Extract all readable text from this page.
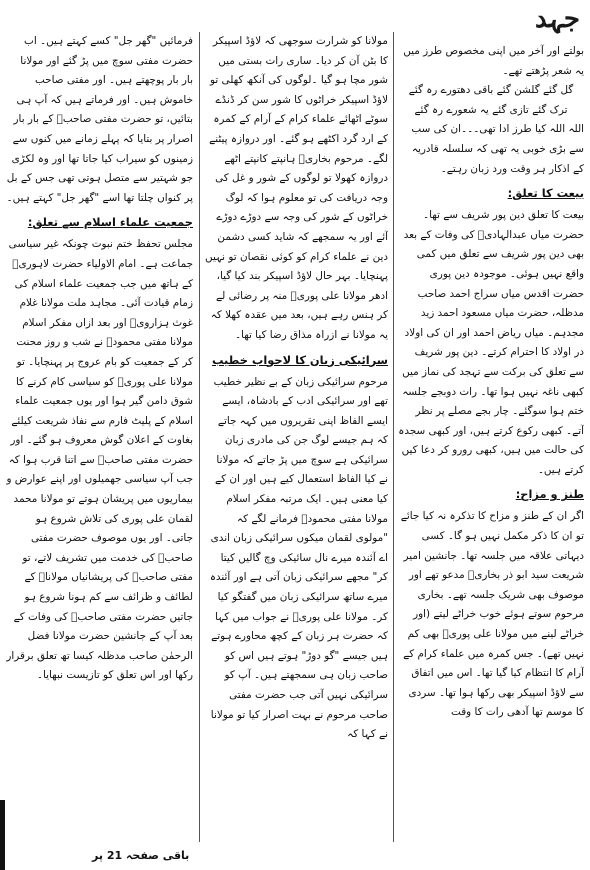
جہد

بولتے اور آخر میں اپنی مخصوص طرز میں یہ شعر پڑھتے تھے۔

گل گئے گلشن گئے باقی دھتورے رہ گئے

ترک گئے تازی گئے یہ شعورے رہ گئے

اللہ اللہ کیا طرز ادا تھی۔۔۔ان کی سب سے بڑی خوبی یہ تھی کہ سلسلہ قادریہ کے اذکار ہر وقت ورد زبان رہتے۔

بیعت کا تعلق:

بیعت کا تعلق دین پور شریف سے تھا۔ حضرت میاں عبدالہادیؒ کی وفات کے بعد بھی دین پور شریف سے تعلق میں کمی واقع نہیں ہوئی۔ موجودہ دین پوری حضرت اقدس میاں سراج احمد صاحب مدظلہ، حضرت میاں مسعود احمد زید مجدہم۔ میاں ریاض احمد اور ان کی اولاد در اولاد کا احترام کرتے۔ دین پور شریف سے تعلق کی برکت سے تہجد کی نماز میں کبھی ناغہ نہیں ہوا تھا۔ رات دوبجے جلسہ ختم ہوا سوگئے۔ چار بجے مصلے پر نظر آتے۔ کبھی رکوع کرتے ہیں، اور کبھی سجدہ کی حالت میں ہیں، کبھی رورو کر دعا کیں کرتے ہیں۔

طنز و مزاح:

اگر ان کے طنز و مزاح کا تذکرہ نہ کیا جائے تو ان کا ذکر مکمل نہیں ہو گا۔ کسی دیہاتی علاقہ میں جلسہ تھا۔ جانشین امیر شریعت سید ابو ذر بخاریؒ مدعو تھے اور موصوف بھی شریک جلسہ تھے۔ بخاری مرحوم سوتے ہوئے خوب خراٹے لیتے (اور خراٹے لینے میں مولانا علی پوریؒ بھی کم نہیں تھے)۔ جس کمرہ میں علماء کرام کے آرام کا انتظام کیا گیا تھا۔ اس میں اتفاق سے لاؤڈ اسپیکر بھی رکھا ہوا تھا۔ سردی کا موسم تھا آدھی رات کا وقت

مولانا کو شرارت سوجھی کہ لاؤڈ اسپیکر کا بٹن آن کر دیا۔ ساری رات بستی میں شور مچا ہو گیا ۔لوگوں کی آنکھ کھلی تو لاؤڈ اسپیکر خراٹوں کا شور سن کر ڈنڈے سوٹے اٹھائے علماء کرام کے آرام کے کمرہ کے ارد گرد اکٹھے ہو گئے۔ اور دروازہ پیٹنے لگے۔ مرحوم بخاریؒ ہانپتے کانپتے اٹھے دروازہ کھولا تو لوگوں کے شور و غل کی وجہ دریافت کی تو معلوم ہوا کہ لوگ خراٹوں کے شور کی وجہ سے دوڑے دوڑے آئے اور یہ سمجھے کہ شاید کسی دشمن دین نے علماء کرام کو کوئی نقصان تو نہیں پہنچایا۔ بہر حال لاؤڈ اسپیکر بند کیا گیا، ادھر مولانا علی پوریؒ منہ پر رضائی لے کر ہنس رہے ہیں، بعد میں عقدہ کھلا کہ یہ مولانا نے ازراہ مذاق رضا کیا تھا۔

سرائیکی زبان کا لاجواب خطیب

مرحوم سرائیکی زبان کے بے نظیر خطیب تھے اور سرائیکی ادب کے بادشاہ، ایسے ایسے الفاظ اپنی تقریروں میں کہہ جاتے کہ ہم جیسے لوگ جن کی مادری زبان سرائیکی ہے سوچ میں پڑ جاتے کہ مولانا نے کیا الفاظ استعمال کیے ہیں اور ان کے کیا معنی ہیں۔ ایک مرتبہ مفکر اسلام مولانا مفتی محمودؒ فرمانے لگے کہ "مولوی لقمان میکوں سرائیکی زبان اندی اے آئندہ میرے نال سائیکی وچ گالیں کیتا کر" مجھے سرائیکی زبان آتی ہے اور آئندہ میرے ساتھ سرائیکی زبان میں گفتگو کیا کر۔ مولانا علی پوریؒ نے جواب میں کہا کہ حضرت ہر زبان کے کچھ محاورے ہوتے ہیں جیسے "گو دوڑ" ہوتے ہیں اس کو صاحب زبان ہی سمجھتے ہیں۔ آپ کو سرائیکی نہیں آتی جب حضرت مفتی صاحب مرحوم نے بہت اصرار کیا تو مولانا نے کہا کہ

فرمائیں "گھر جل" کسے کہتے ہیں۔ اب حضرت مفتی سوچ میں پڑ گئے اور مولانا بار بار پوچھتے ہیں۔ اور مفتی صاحب خاموش ہیں۔ اور فرماتے ہیں کہ آپ ہی بتائیں، تو حضرت مفتی صاحبؒ کے بار بار اصرار پر بتایا کہ پہلے زمانے میں کنوں سے زمینوں کو سیراب کیا جاتا تھا اور وہ لکڑی جو شہتیر سے متصل ہوتی تھی جس کے بل پر کنواں چلتا تھا اسے "گھر جل" کہتے ہیں۔

جمعیت علماء اسلام سے تعلق:

مجلس تحفظ ختم نبوت چونکہ غیر سیاسی جماعت ہے۔ امام الاولیاء حضرت لاہوریؒ کے ہاتھ میں جب جمعیت علماء اسلام کی زمام قیادت آئی۔ مجاہد ملت مولانا غلام غوث ہزارویؒ اور بعد ازاں مفکر اسلام مولانا مفتی محمودؒ نے شب و روز محنت کر کے جمعیت کو بام عروج پر پہنچایا۔ تو مولانا علی پوریؒ کو سیاسی کام کرنے کا شوق دامن گیر ہوا اور یوں جمعیت علماء اسلام کے پلیٹ فارم سے نفاذ شریعت کیلئے بغاوت کے اعلان گوش معروف ہو گئے۔ اور حضرت مفتی صاحبؒ سے اتنا قرب ہوا کہ جب آپ سیاسی جھمیلوں اور اپنے عوارض و بیماریوں میں پریشان ہوتے تو مولانا محمد لقمان علی پوری کی تلاش شروع ہو جاتی۔ اور یوں موصوف حضرت مفتی صاحبؒ کی خدمت میں تشریف لاتے، تو مفتی صاحبؒ کی پریشانیاں مولاناؒ کے لطائف و ظرائف سے کم ہونا شروع ہو جاتیں حضرت مفتی صاحبؒ کی وفات کے بعد آپ کے جانشین حضرت مولانا فضل الرحمٰن صاحب مدظلہ کیسا تھ تعلق برقرار رکھا اور اس تعلق کو تازیست نبھایا۔

باقی صفحہ 21 پر
